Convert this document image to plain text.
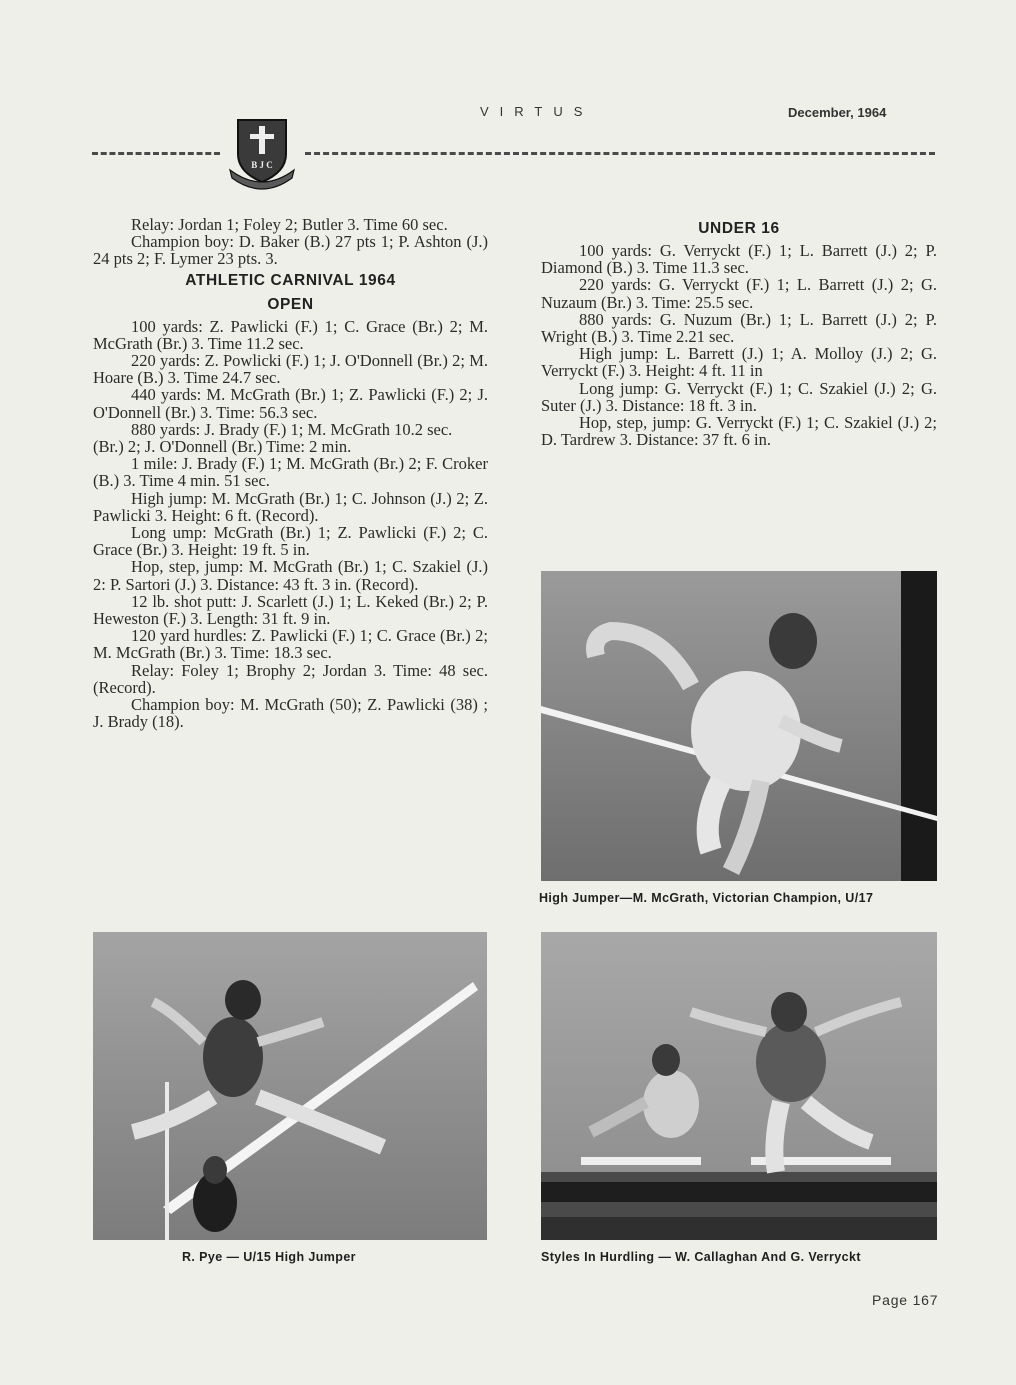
VIRTUS	December, 1964
B J C

Relay: Jordan 1; Foley 2; Butler 3. Time 60 sec.

Champion boy: D. Baker (B.) 27 pts 1; P. Ashton (J.) 24 pts 2; F. Lymer 23 pts. 3.

ATHLETIC CARNIVAL 1964
OPEN

100 yards: Z. Pawlicki (F.) 1; C. Grace (Br.) 2; M. McGrath (Br.) 3. Time 11.2 sec.

220 yards: Z. Powlicki (F.) 1; J. O'Donnell (Br.) 2; M. Hoare (B.) 3. Time 24.7 sec.

440 yards: M. McGrath (Br.) 1; Z. Pawlicki (F.) 2; J. O'Donnell (Br.) 3. Time: 56.3 sec.

880 yards: J. Brady (F.) 1; M. McGrath 10.2 sec.

(Br.) 2; J. O'Donnell (Br.) Time: 2 min.

1 mile: J. Brady (F.) 1; M. McGrath (Br.) 2; F. Croker (B.) 3. Time 4 min. 51 sec.

High jump: M. McGrath (Br.) 1; C. Johnson (J.) 2; Z. Pawlicki 3. Height: 6 ft. (Record).

Long ump: McGrath (Br.) 1; Z. Pawlicki (F.) 2; C. Grace (Br.) 3. Height: 19 ft. 5 in.

Hop, step, jump: M. McGrath (Br.) 1; C. Szakiel (J.) 2: P. Sartori (J.) 3. Distance: 43 ft. 3 in. (Record).

12 lb. shot putt: J. Scarlett (J.) 1; L. Keked (Br.) 2; P. Heweston (F.) 3. Length: 31 ft. 9 in.

120 yard hurdles: Z. Pawlicki (F.) 1; C. Grace (Br.) 2; M. McGrath (Br.) 3. Time: 18.3 sec.

Relay: Foley 1; Brophy 2; Jordan 3. Time: 48 sec. (Record).

Champion boy: M. McGrath (50); Z. Pawlicki (38) ; J. Brady (18).

UNDER 16

100 yards: G. Verryckt (F.) 1; L. Barrett (J.) 2; P. Diamond (B.) 3. Time 11.3 sec.

220 yards: G. Verryckt (F.) 1; L. Barrett (J.) 2; G. Nuzaum (Br.) 3. Time: 25.5 sec.

880 yards: G. Nuzum (Br.) 1; L. Barrett (J.) 2; P. Wright (B.) 3. Time 2.21 sec.

High jump: L. Barrett (J.) 1; A. Molloy (J.) 2; G. Verryckt (F.) 3. Height: 4 ft. 11 in

Long jump: G. Verryckt (F.) 1; C. Szakiel (J.) 2; G. Suter (J.) 3. Distance: 18 ft. 3 in.

Hop, step, jump: G. Verryckt (F.) 1; C. Szakiel (J.) 2; D. Tardrew 3. Distance: 37 ft. 6 in.

High Jumper—M. McGrath, Victorian Champion, U/17
R. Pye — U/15 High Jumper	Styles In Hurdling — W. Callaghan And G. Verryckt
Page 167
